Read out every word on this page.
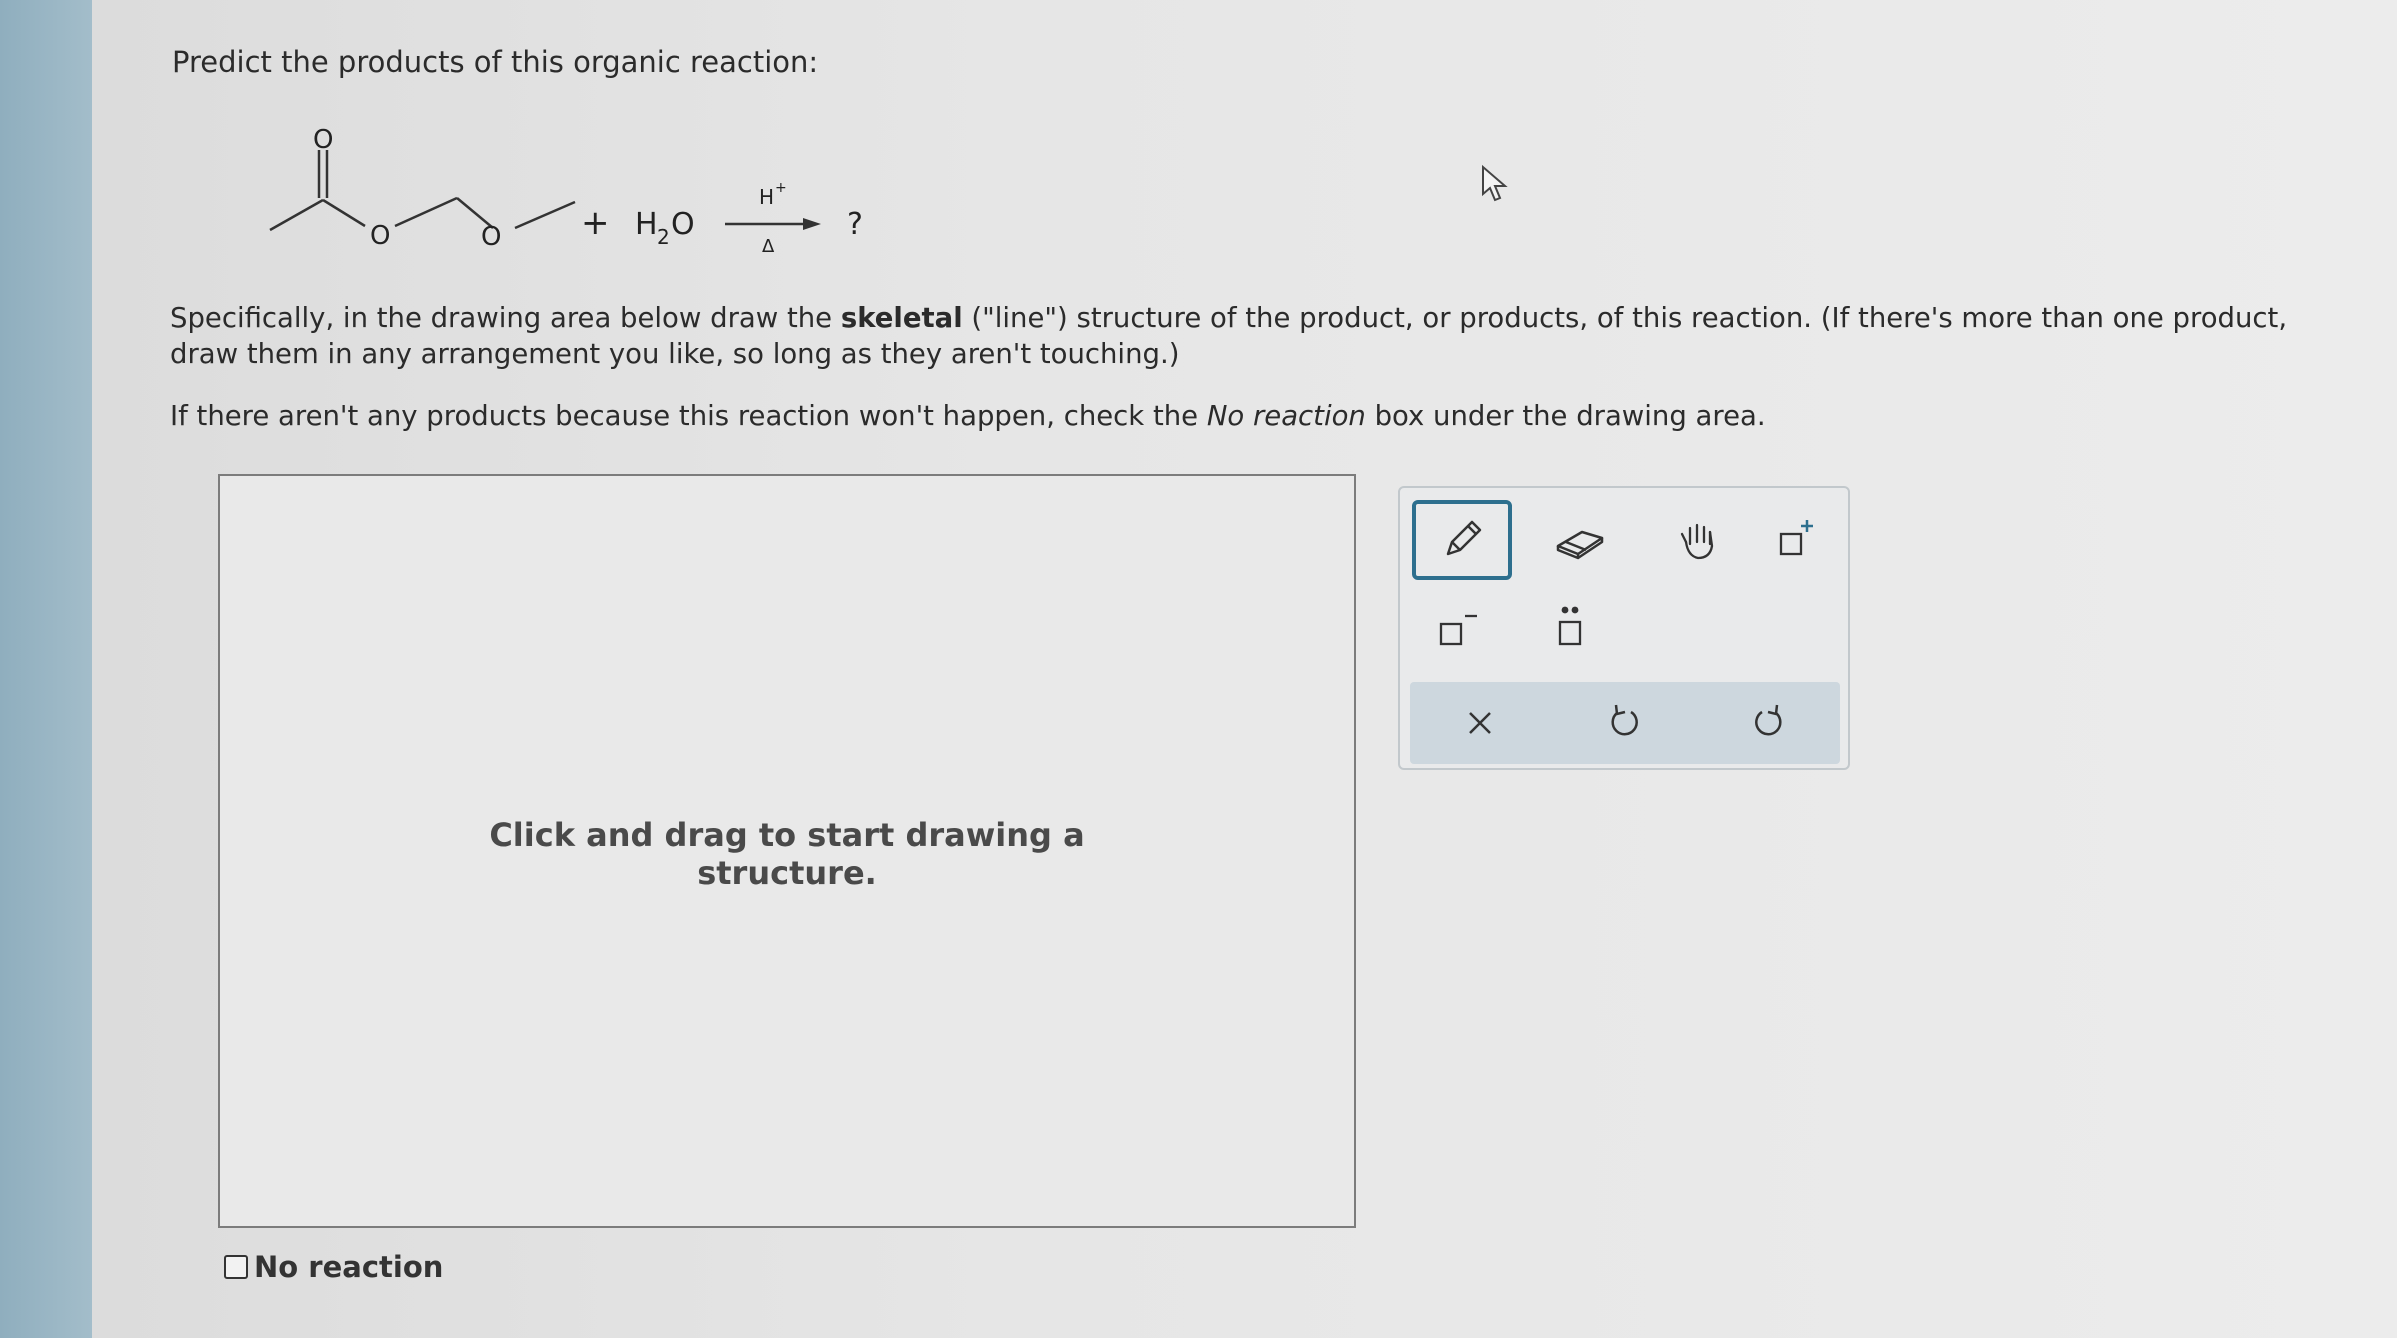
Predict the products of this organic reaction:
O
O	O + H 2 O
H +
Δ
?
Specifically, in the drawing area below draw the skeletal ("line") structure of the product, or products, of this reaction. (If there's more than one product, draw them in any arrangement you like, so long as they aren't touching.)
If there aren't any products because this reaction won't happen, check the No reaction box under the drawing area.
Click and drag to start drawing a
structure.
No reaction
